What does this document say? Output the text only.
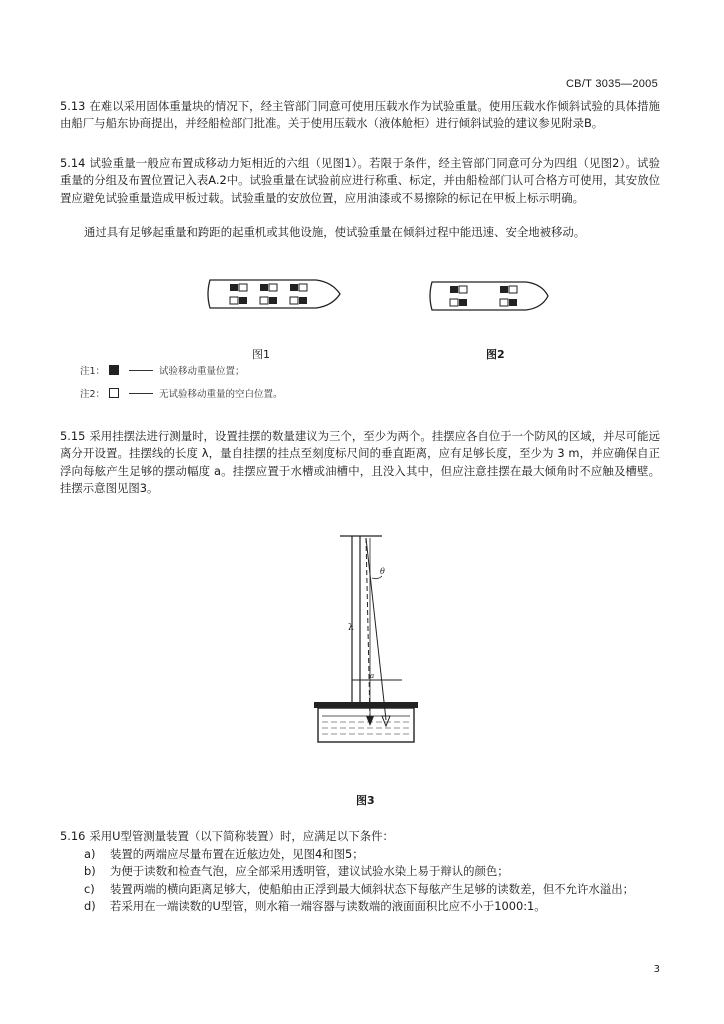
CB/T 3035—2005
5.13 在难以采用固体重量块的情况下，经主管部门同意可使用压载水作为试验重量。使用压载水作倾斜试验的具体措施由船厂与船东协商提出，并经船检部门批准。关于使用压载水（液体舱柜）进行倾斜试验的建议参见附录B。
5.14 试验重量一般应布置成移动力矩相近的六组（见图1）。若限于条件，经主管部门同意可分为四组（见图2）。试验重量的分组及布置位置记入表A.2中。试验重量在试验前应进行称重、标定，并由船检部门认可合格方可使用，其安放位置应避免试验重量造成甲板过载。试验重量的安放位置，应用油漆或不易擦除的标记在甲板上标示明确。
通过具有足够起重量和跨距的起重机或其他设施，使试验重量在倾斜过程中能迅速、安全地被移动。
图1	图2
注1：	试验移动重量位置；
注2：	无试验移动重量的空白位置。
5.15 采用挂摆法进行测量时，设置挂摆的数量建议为三个，至少为两个。挂摆应各自位于一个防风的区域，并尽可能远离分开设置。挂摆线的长度 λ，量自挂摆的挂点至刻度标尺间的垂直距离，应有足够长度，至少为 3 m，并应确保自正浮向每舷产生足够的摆动幅度 a。挂摆应置于水槽或油槽中，且没入其中，但应注意挂摆在最大倾角时不应触及槽壁。挂摆示意图见图3。
θ
λ
a
图3
5.16 采用U型管测量装置（以下简称装置）时，应满足以下条件：
a)	装置的两端应尽量布置在近舷边处，见图4和图5；
b)	为便于读数和检查气泡，应全部采用透明管，建议试验水染上易于辩认的颜色；
c)	装置两端的横向距离足够大，使船舶由正浮到最大倾斜状态下每舷产生足够的读数差，但不允许水溢出；
d)	若采用在一端读数的U型管，则水箱一端容器与读数端的液面面积比应不小于1000:1。
3
